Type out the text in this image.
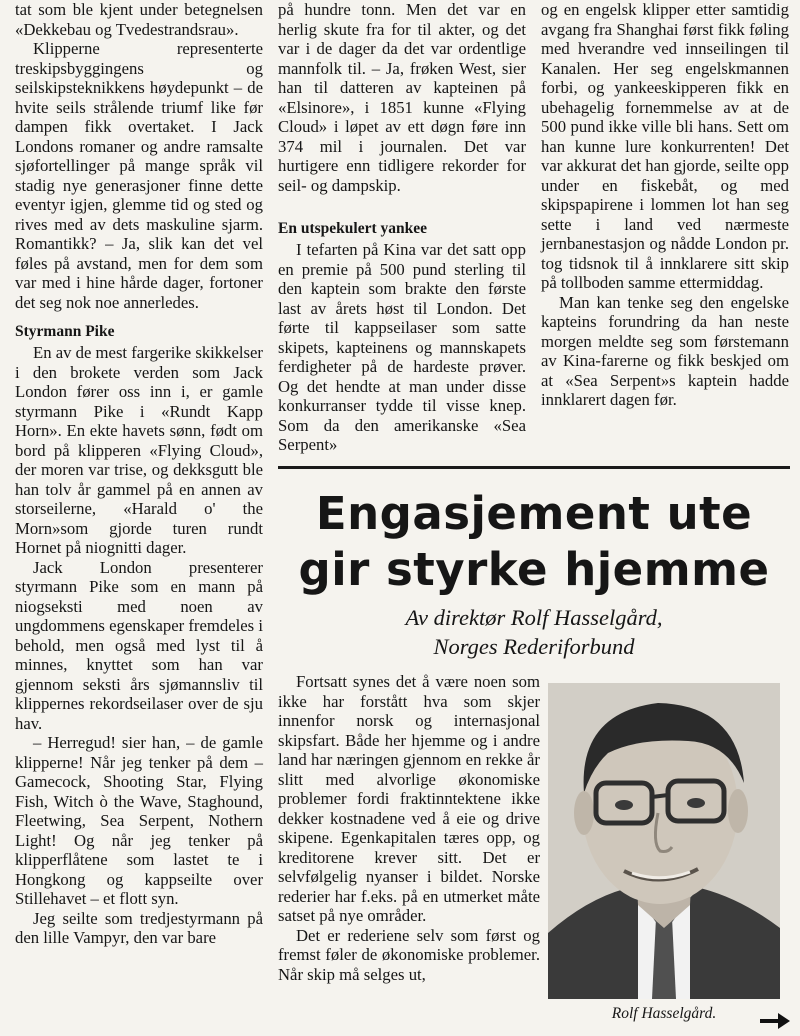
tat som ble kjent under betegnelsen «Dekkebau og Tvedestrandsrau».

Klipperne representerte treskipsbyggingens og seilskipsteknikkens høydepunkt – de hvite seils strålende triumf like før dampen fikk overtaket. I Jack Londons romaner og andre ramsalte sjøfortellinger på mange språk vil stadig nye generasjoner finne dette eventyr igjen, glemme tid og sted og rives med av dets maskuline sjarm. Romantikk? – Ja, slik kan det vel føles på avstand, men for dem som var med i hine hårde dager, fortoner det seg nok noe annerledes.

Styrmann Pike

En av de mest fargerike skikkelser i den brokete verden som Jack London fører oss inn i, er gamle styrmann Pike i «Rundt Kapp Horn». En ekte havets sønn, født om bord på klipperen «Flying Cloud», der moren var trise, og dekksgutt ble han tolv år gammel på en annen av storseilerne, «Harald o' the Morn»som gjorde turen rundt Hornet på niognitti dager.

Jack London presenterer styrmann Pike som en mann på niogseksti med noen av ungdommens egenskaper fremdeles i behold, men også med lyst til å minnes, knyttet som han var gjennom seksti års sjømannsliv til klippernes rekordseilaser over de sju hav.

– Herregud! sier han, – de gamle klipperne! Når jeg tenker på dem – Gamecock, Shooting Star, Flying Fish, Witch ò the Wave, Staghound, Fleetwing, Sea Serpent, Nothern Light! Og når jeg tenker på klipperflåtene som lastet te i Hongkong og kappseilte over Stillehavet – et flott syn.

Jeg seilte som tredjestyrmann på den lille Vampyr, den var bare

på hundre tonn. Men det var en herlig skute fra for til akter, og det var i de dager da det var ordentlige mannfolk til. – Ja, frøken West, sier han til datteren av kapteinen på «Elsinore», i 1851 kunne «Flying Cloud» i løpet av ett døgn føre inn 374 mil i journalen. Det var hurtigere enn tidligere rekorder for seil- og dampskip.

En utspekulert yankee

I tefarten på Kina var det satt opp en premie på 500 pund sterling til den kaptein som brakte den første last av årets høst til London. Det førte til kappseilaser som satte skipets, kapteinens og mannskapets ferdigheter på de hardeste prøver. Og det hendte at man under disse konkurranser tydde til visse knep. Som da den amerikanske «Sea Serpent»

og en engelsk klipper etter samtidig avgang fra Shanghai først fikk føling med hverandre ved innseilingen til Kanalen. Her seg engelskmannen forbi, og yankeeskipperen fikk en ubehagelig fornemmelse av at de 500 pund ikke ville bli hans. Sett om han kunne lure konkurrenten! Det var akkurat det han gjorde, seilte opp under en fiskebåt, og med skipspapirene i lommen lot han seg sette i land ved nærmeste jernbanestasjon og nådde London pr. tog tidsnok til å innklarere sitt skip på tollboden samme ettermiddag.

Man kan tenke seg den engelske kapteins forundring da han neste morgen meldte seg som førstemann av Kina-farerne og fikk beskjed om at «Sea Serpent»s kaptein hadde innklarert dagen før.

Engasjement ute
gir styrke hjemme
Av direktør Rolf Hasselgård,
Norges Rederiforbund

Fortsatt synes det å være noen som ikke har forstått hva som skjer innenfor norsk og internasjonal skipsfart. Både her hjemme og i andre land har næringen gjennom en rekke år slitt med alvorlige økonomiske problemer fordi fraktinntektene ikke dekker kostnadene ved å eie og drive skipene. Egenkapitalen tæres opp, og kreditorene krever sitt. Det er selvfølgelig nyanser i bildet. Norske rederier har f.eks. på en utmerket måte satset på nye områder.

Det er rederiene selv som først og fremst føler de økonomiske problemer. Når skip må selges ut,

Rolf Hasselgård.
